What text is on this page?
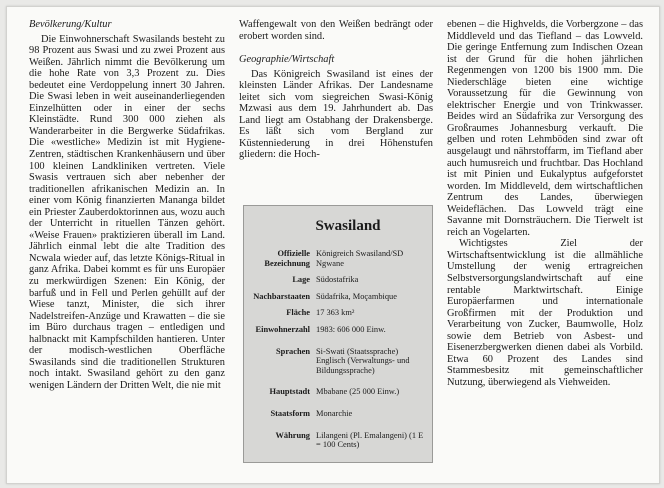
Bevölkerung/Kultur

Die Einwohnerschaft Swasilands besteht zu 98 Prozent aus Swasi und zu zwei Prozent aus Weißen. Jährlich nimmt die Bevölkerung um die hohe Rate von 3,3 Prozent zu. Dies bedeutet eine Verdoppelung innert 30 Jahren. Die Swasi leben in weit auseinanderliegenden Einzelhütten oder in einer der sechs Kleinstädte. Rund 300 000 ziehen als Wanderarbeiter in die Bergwerke Südafrikas. Die «westliche» Medizin ist mit Hygiene-Zentren, städtischen Krankenhäusern und über 100 kleinen Landkliniken vertreten. Viele Swasis vertrauen sich aber nebenher der traditionellen afrikanischen Medizin an. In einer vom König finanzierten Mananga bildet ein Priester Zauberdoktorinnen aus, wozu auch der Unterricht in rituellen Tänzen gehört. «Weise Frauen» praktizieren überall im Land. Jährlich einmal lebt die alte Tradition des Ncwala wieder auf, das letzte Königs-Ritual in ganz Afrika. Dabei kommt es für uns Europäer zu merkwürdigen Szenen: Ein König, der barfuß und in Fell und Perlen gehüllt auf der Wiese tanzt, Minister, die sich ihrer Nadelstreifen-Anzüge und Krawatten – die sie im Büro durchaus tragen – entledigen und halbnackt mit Kampfschilden hantieren. Unter der modisch-westlichen Oberfläche Swasilands sind die traditionellen Strukturen noch intakt. Swasiland gehört zu den ganz wenigen Ländern der Dritten Welt, die nie mit

Waffengewalt von den Weißen bedrängt oder erobert worden sind.

Geographie/Wirtschaft

Das Königreich Swasiland ist eines der kleinsten Länder Afrikas. Der Landesname leitet sich vom siegreichen Swasi-König Mzwasi aus dem 19. Jahrhundert ab. Das Land liegt am Ostabhang der Drakensberge. Es läßt sich vom Bergland zur Küstenniederung in drei Höhenstufen gliedern: die Hoch-

Swasiland
Offizielle Bezeichnung
Königreich Swasiland/SD Ngwane
Lage Südostafrika
Nachbarstaaten Südafrika, Moçambique
Fläche 17 363 km²
Einwohnerzahl 1983: 606 000 Einw.
Sprachen Si-Swati (Staatssprache) Englisch (Verwaltungs- und Bildungssprache)
Hauptstadt Mbabane (25 000 Einw.)
Staatsform Monarchie
Währung Lilangeni (Pl. Emalangeni) (1 E = 100 Cents)

ebenen – die Highvelds, die Vorbergzone – das Middleveld und das Tiefland – das Lowveld. Die geringe Entfernung zum Indischen Ozean ist der Grund für die hohen jährlichen Regenmengen von 1200 bis 1900 mm. Die Niederschläge bieten eine wichtige Voraussetzung für die Gewinnung von elektrischer Energie und von Trinkwasser. Beides wird an Südafrika zur Versorgung des Großraumes Johannesburg verkauft. Die gelben und roten Lehmböden sind zwar oft ausgelaugt und nährstoffarm, im Tiefland aber auch humusreich und fruchtbar. Das Hochland ist mit Pinien und Eukalyptus aufgeforstet worden. Im Middleveld, dem wirtschaftlichen Zentrum des Landes, überwiegen Weideflächen. Das Lowveld trägt eine Savanne mit Dornsträuchern. Die Tierwelt ist reich an Vogelarten.

Wichtigstes Ziel der Wirtschaftsentwicklung ist die allmähliche Umstellung der wenig ertragreichen Selbstversorgungslandwirtschaft auf eine rentable Marktwirtschaft. Einige Europäerfarmen und internationale Großfirmen mit der Produktion und Verarbeitung von Zucker, Baumwolle, Holz sowie dem Betrieb von Asbest- und Eisenerzbergwerken dienen dabei als Vorbild. Etwa 60 Prozent des Landes sind Stammesbesitz mit gemeinschaftlicher Nutzung, überwiegend als Viehweiden.
